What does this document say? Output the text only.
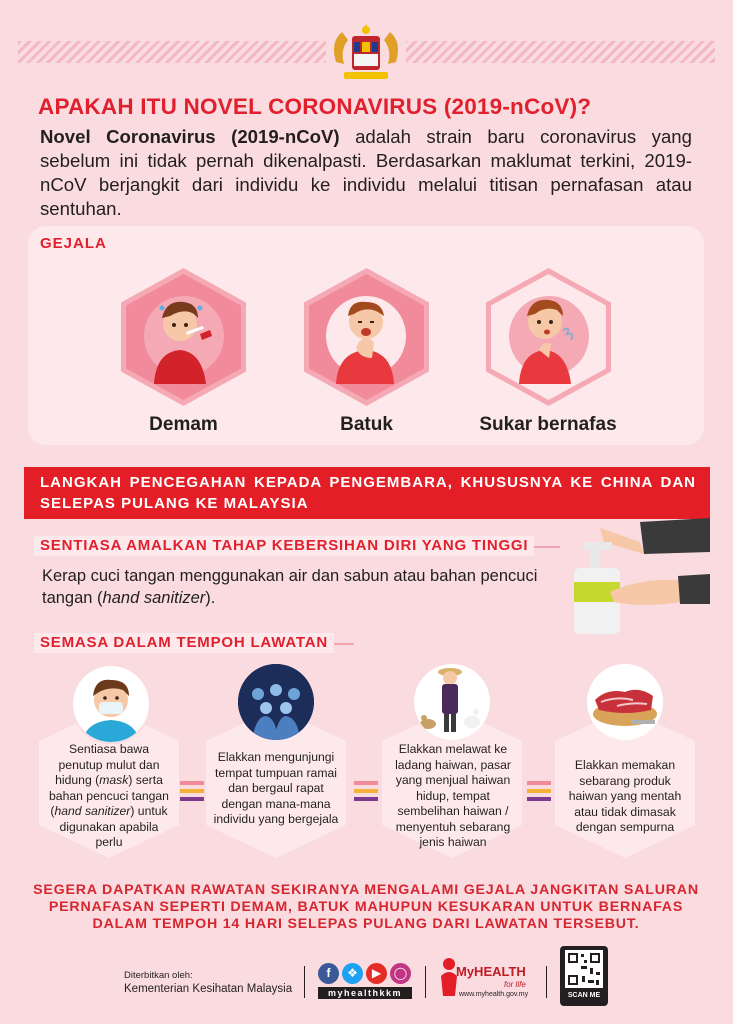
APAKAH ITU NOVEL CORONAVIRUS (2019-nCoV)?
Novel Coronavirus (2019-nCoV) adalah strain baru coronavirus yang sebelum ini tidak pernah dikenalpasti. Berdasarkan maklumat terkini, 2019-nCoV berjangkit dari individu ke individu melalui titisan pernafasan atau sentuhan.
GEJALA
Demam	Batuk	Sukar bernafas
LANGKAH PENCEGAHAN KEPADA PENGEMBARA, KHUSUSNYA KE CHINA DAN SELEPAS PULANG KE MALAYSIA
SENTIASA AMALKAN TAHAP KEBERSIHAN DIRI YANG TINGGI
Kerap cuci tangan menggunakan air dan sabun atau bahan pencuci tangan (hand sanitizer).
SEMASA DALAM TEMPOH LAWATAN
Sentiasa bawa penutup mulut dan hidung (mask) serta bahan pencuci tangan (hand sanitizer) untuk digunakan apabila perlu
Elakkan mengunjungi tempat tumpuan ramai dan bergaul rapat dengan mana-mana individu yang bergejala
Elakkan melawat ke ladang haiwan, pasar yang menjual haiwan hidup, tempat sembelihan haiwan / menyentuh sebarang jenis haiwan
Elakkan memakan sebarang produk haiwan yang mentah atau tidak dimasak dengan sempurna
SEGERA DAPATKAN RAWATAN SEKIRANYA MENGALAMI GEJALA JANGKITAN SALURAN PERNAFASAN SEPERTI DEMAM, BATUK MAHUPUN KESUKARAN UNTUK BERNAFAS DALAM TEMPOH 14 HARI SELEPAS PULANG DARI LAWATAN TERSEBUT.
Diterbitkan oleh:
Kementerian Kesihatan Malaysia
f	❖	▶	◯
myhealthkkm
MyHEALTH
for life
www.myhealth.gov.my	SCAN ME
